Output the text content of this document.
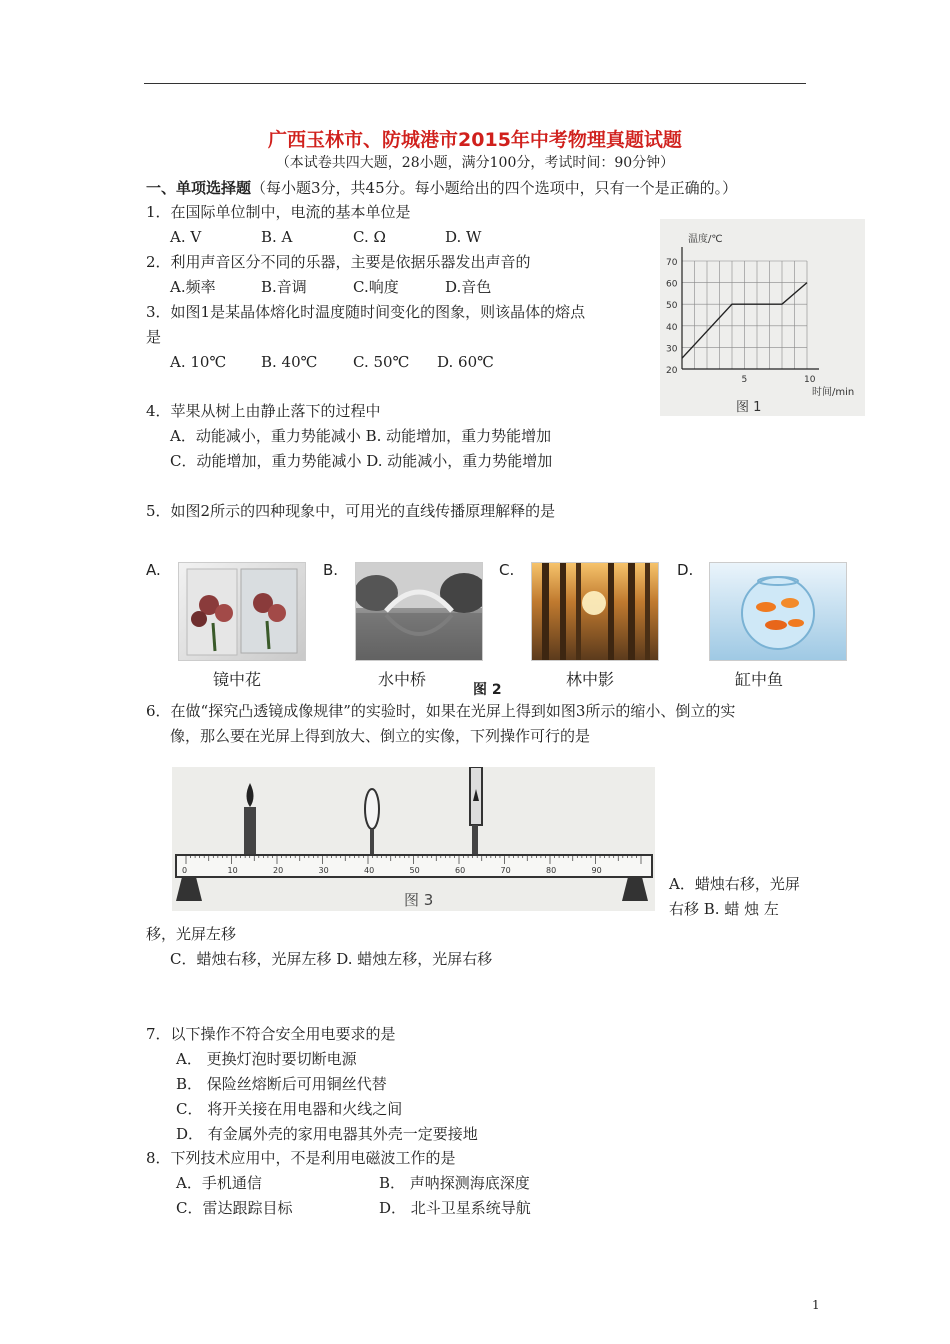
广西玉林市、防城港市2015年中考物理真题试题
（本试卷共四大题，28小题，满分100分，考试时间：90分钟）
一、单项选择题（每小题3分，共45分。每小题给出的四个选项中，只有一个是正确的。）
1．在国际单位制中，电流的基本单位是
A. V	B. A	C. Ω	D. W
2．利用声音区分不同的乐器，主要是依据乐器发出声音的
A.频率	B.音调	C.响度	D.音色
3．如图1是某晶体熔化时温度随时间变化的图象，则该晶体的熔点
是
A. 10℃ B. 40℃ C. 50℃ D. 60℃	20
30
40
50
60
70
5	10
温度/℃
时间/min
图 1
4．苹果从树上由静止落下的过程中
A．动能减小，重力势能减小 B. 动能增加，重力势能增加
C．动能增加，重力势能减小 D. 动能减小，重力势能增加
5．如图2所示的四种现象中，可用光的直线传播原理解释的是
A.
镜中花
B.
水中桥
图 2
C.
林中影
D.
缸中鱼
6．在做“探究凸透镜成像规律”的实验时，如果在光屏上得到如图3所示的缩小、倒立的实
像，那么要在光屏上得到放大、倒立的实像，下列操作可行的是
0	10	20	30	40	50	60	70	80	90
图 3
A．蜡烛右移，光屏
右移 B. 蜡 烛 左
移，光屏左移
C．蜡烛右移，光屏左移 D. 蜡烛左移，光屏右移
7．以下操作不符合安全用电要求的是
A． 更换灯泡时要切断电源
B． 保险丝熔断后可用铜丝代替
C． 将开关接在用电器和火线之间
D． 有金属外壳的家用电器其外壳一定要接地
8．下列技术应用中，不是利用电磁波工作的是
A．手机通信	B． 声呐探测海底深度
C．雷达跟踪目标	D． 北斗卫星系统导航
1
